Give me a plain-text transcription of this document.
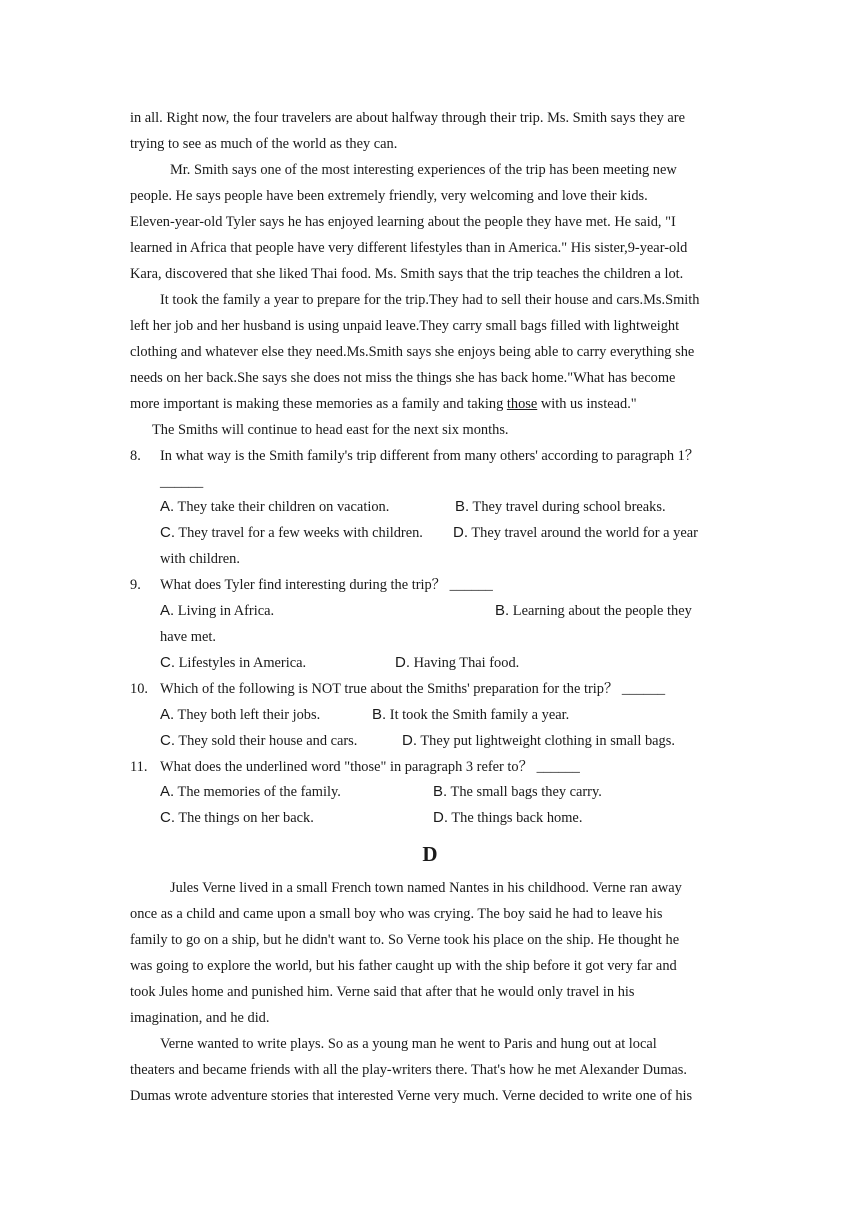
in all. Right now, the four travelers are about halfway through their trip. Ms. Smith says they are
trying to see as much of the world as they can.
Mr. Smith says one of the most interesting experiences of the trip has been meeting new
people. He says people have been extremely friendly, very welcoming and love their kids.
Eleven-year-old Tyler says he has enjoyed learning about the people they have met. He said, "I
learned in Africa that people have very different lifestyles than in America." His sister,9-year-old
Kara, discovered that she liked Thai food. Ms. Smith says that the trip teaches the children a lot.
It took the family a year to prepare for the trip.They had to sell their house and cars.Ms.Smith
left her job and her husband is using unpaid leave.They carry small bags filled with lightweight
clothing and whatever else they need.Ms.Smith says she enjoys being able to carry everything she
needs on her back.She says she does not miss the things she has back home."What has become
more important is making these memories as a family and taking those with us instead."
The Smiths will continue to head east for the next six months.
8. In what way is the Smith family's trip different from many others' according to paragraph 1？
______
A. They take their children on vacation.	B. They travel during school breaks.
C. They travel for a few weeks with children. D. They travel around the world for a year
with children.
9. What does Tyler find interesting during the trip？ ______
A. Living in Africa.	B. Learning about the people they
have met.
C. Lifestyles in America.	D. Having Thai food.
10. Which of the following is NOT true about the Smiths' preparation for the trip？ ______
A. They both left their jobs.	B. It took the Smith family a year.
C. They sold their house and cars.	D. They put lightweight clothing in small bags.
11. What does the underlined word "those" in paragraph 3 refer to？ ______
A. The memories of the family.	B. The small bags they carry.
C. The things on her back.	D. The things back home.
D
Jules Verne lived in a small French town named Nantes in his childhood. Verne ran away
once as a child and came upon a small boy who was crying. The boy said he had to leave his
family to go on a ship, but he didn't want to. So Verne took his place on the ship. He thought he
was going to explore the world, but his father caught up with the ship before it got very far and
took Jules home and punished him. Verne said that after that he would only travel in his
imagination, and he did.
Verne wanted to write plays. So as a young man he went to Paris and hung out at local
theaters and became friends with all the play-writers there. That's how he met Alexander Dumas.
Dumas wrote adventure stories that interested Verne very much. Verne decided to write one of his
